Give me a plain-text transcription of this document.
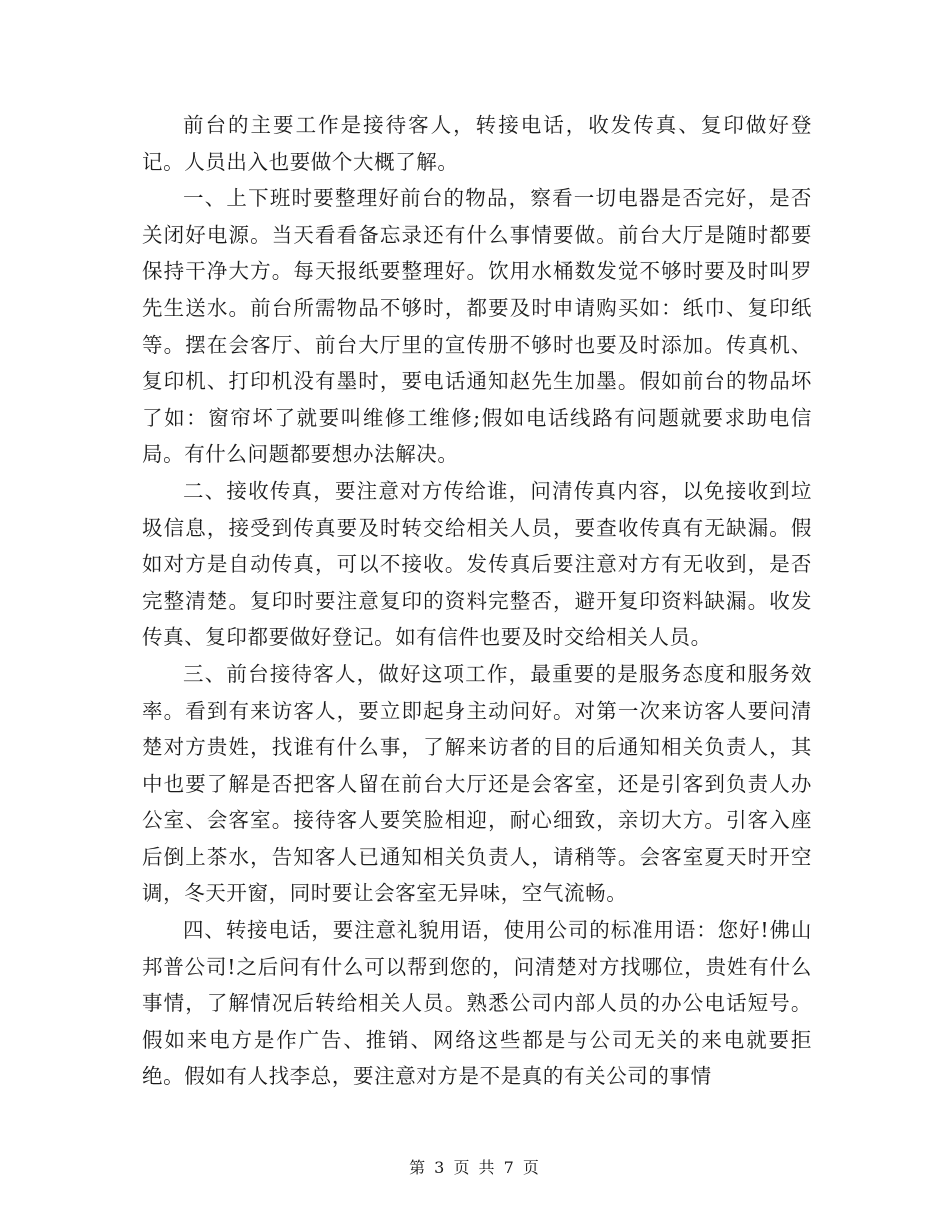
前台的主要工作是接待客人，转接电话，收发传真、复印做好登记。人员出入也要做个大概了解。

一、上下班时要整理好前台的物品，察看一切电器是否完好，是否关闭好电源。当天看看备忘录还有什么事情要做。前台大厅是随时都要保持干净大方。每天报纸要整理好。饮用水桶数发觉不够时要及时叫罗先生送水。前台所需物品不够时，都要及时申请购买如：纸巾、复印纸等。摆在会客厅、前台大厅里的宣传册不够时也要及时添加。传真机、复印机、打印机没有墨时，要电话通知赵先生加墨。假如前台的物品坏了如：窗帘坏了就要叫维修工维修;假如电话线路有问题就要求助电信局。有什么问题都要想办法解决。

二、接收传真，要注意对方传给谁，问清传真内容，以免接收到垃圾信息，接受到传真要及时转交给相关人员，要查收传真有无缺漏。假如对方是自动传真，可以不接收。发传真后要注意对方有无收到，是否完整清楚。复印时要注意复印的资料完整否，避开复印资料缺漏。收发传真、复印都要做好登记。如有信件也要及时交给相关人员。

三、前台接待客人，做好这项工作，最重要的是服务态度和服务效率。看到有来访客人，要立即起身主动问好。对第一次来访客人要问清楚对方贵姓，找谁有什么事，了解来访者的目的后通知相关负责人，其中也要了解是否把客人留在前台大厅还是会客室，还是引客到负责人办公室、会客室。接待客人要笑脸相迎，耐心细致，亲切大方。引客入座后倒上茶水，告知客人已通知相关负责人，请稍等。会客室夏天时开空调，冬天开窗，同时要让会客室无异味，空气流畅。

四、转接电话，要注意礼貌用语，使用公司的标准用语：您好!佛山邦普公司!之后问有什么可以帮到您的，问清楚对方找哪位，贵姓有什么事情，了解情况后转给相关人员。熟悉公司内部人员的办公电话短号。假如来电方是作广告、推销、网络这些都是与公司无关的来电就要拒绝。假如有人找李总，要注意对方是不是真的有关公司的事情

第 3 页 共 7 页
